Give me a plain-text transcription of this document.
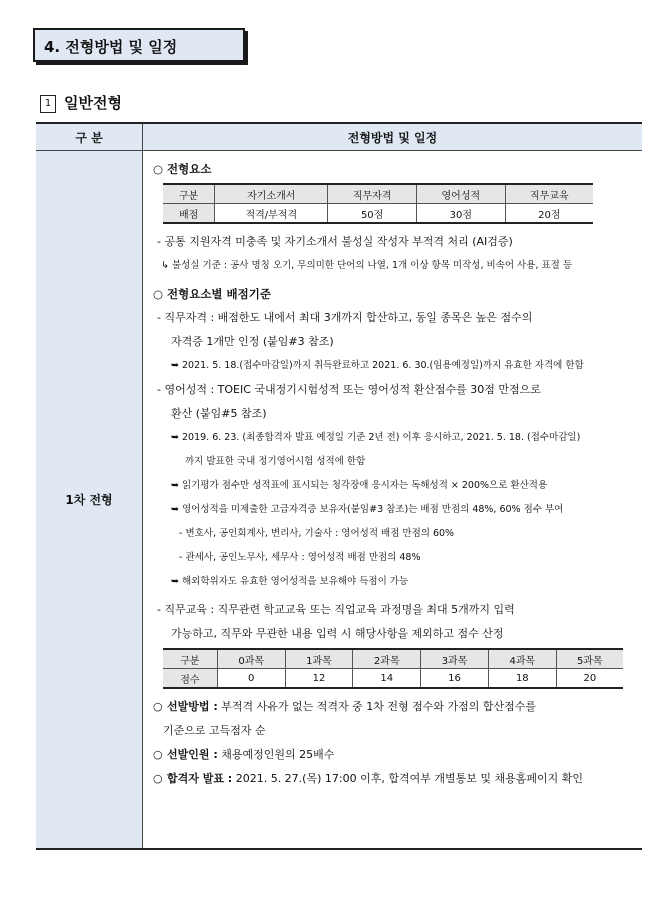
4. 전형방법 및 일정
1 일반전형
구 분	전형방법 및 일정
1차 전형	
○ 전형요소
구분	자기소개서	직무자격	영어성적	직무교육
배점	적격/부적격	50점	30점	20점
- 공통 지원자격 미충족 및 자기소개서 불성실 작성자 부적격 처리 (AI검증)
↳ 불성실 기준 : 공사 명칭 오기, 무의미한 단어의 나열, 1개 이상 항목 미작성, 비속어 사용, 표절 등
○ 전형요소별 배점기준
- 직무자격 : 배점한도 내에서 최대 3개까지 합산하고, 동일 종목은 높은 점수의
자격증 1개만 인정 (붙임#3 참조)
➥ 2021. 5. 18.(접수마감일)까지 취득완료하고 2021. 6. 30.(임용예정일)까지 유효한 자격에 한함
- 영어성적 : TOEIC 국내정기시험성적 또는 영어성적 환산점수를 30점 만점으로
환산 (붙임#5 참조)
➥ 2019. 6. 23. (최종합격자 발표 예정일 기준 2년 전) 이후 응시하고, 2021. 5. 18. (접수마감일)
까지 발표한 국내 정기영어시험 성적에 한함
➥ 읽기평가 점수만 성적표에 표시되는 청각장애 응시자는 독해성적 × 200%으로 환산적용
➥ 영어성적을 미제출한 고급자격증 보유자(붙임#3 참조)는 배점 만점의 48%, 60% 점수 부여
- 변호사, 공인회계사, 변리사, 기술사 : 영어성적 배점 만점의 60%
- 관세사, 공인노무사, 세무사 : 영어성적 배점 만점의 48%
➥ 해외학위자도 유효한 영어성적을 보유해야 득점이 가능
- 직무교육 : 직무관련 학교교육 또는 직업교육 과정명을 최대 5개까지 입력
가능하고, 직무와 무관한 내용 입력 시 해당사항을 제외하고 점수 산정
구분	0과목	1과목	2과목	3과목	4과목	5과목
점수	0	12	14	16	18	20
○ 선발방법 : 부적격 사유가 없는 적격자 중 1차 전형 점수와 가점의 합산점수를
기준으로 고득점자 순
○ 선발인원 : 채용예정인원의 25배수
○ 합격자 발표 : 2021. 5. 27.(목) 17:00 이후, 합격여부 개별통보 및 채용홈페이지 확인
